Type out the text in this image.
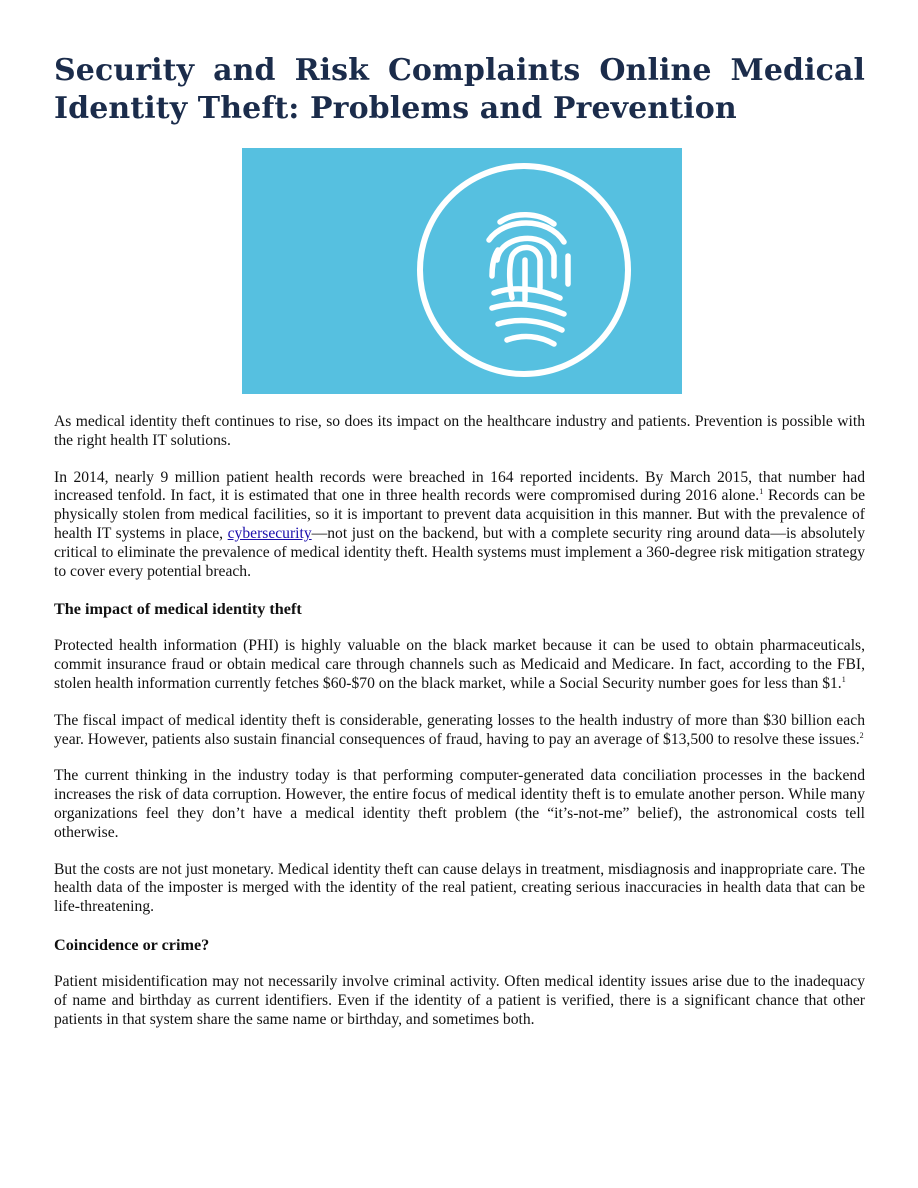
Security and Risk Complaints Online Medical Identity Theft: Problems and Prevention

As medical identity theft continues to rise, so does its impact on the healthcare industry and patients. Prevention is possible with the right health IT solutions.

In 2014, nearly 9 million patient health records were breached in 164 reported incidents. By March 2015, that number had increased tenfold. In fact, it is estimated that one in three health records were compromised during 2016 alone.$^1$ Records can be physically stolen from medical facilities, so it is important to prevent data acquisition in this manner. But with the prevalence of health IT systems in place, cybersecurity—not just on the backend, but with a complete security ring around data—is absolutely critical to eliminate the prevalence of medical identity theft. Health systems must implement a 360-degree risk mitigation strategy to cover every potential breach.

The impact of medical identity theft

Protected health information (PHI) is highly valuable on the black market because it can be used to obtain pharmaceuticals, commit insurance fraud or obtain medical care through channels such as Medicaid and Medicare. In fact, according to the FBI, stolen health information currently fetches $60-$70 on the black market, while a Social Security number goes for less than $1.$^1$

The fiscal impact of medical identity theft is considerable, generating losses to the health industry of more than $30 billion each year. However, patients also sustain financial consequences of fraud, having to pay an average of $13,500 to resolve these issues.$^2$

The current thinking in the industry today is that performing computer-generated data conciliation processes in the backend increases the risk of data corruption. However, the entire focus of medical identity theft is to emulate another person. While many organizations feel they don’t have a medical identity theft problem (the “it’s-not-me” belief), the astronomical costs tell otherwise.

But the costs are not just monetary. Medical identity theft can cause delays in treatment, misdiagnosis and inappropriate care. The health data of the imposter is merged with the identity of the real patient, creating serious inaccuracies in health data that can be life-threatening.

Coincidence or crime?

Patient misidentification may not necessarily involve criminal activity. Often medical identity issues arise due to the inadequacy of name and birthday as current identifiers. Even if the identity of a patient is verified, there is a significant chance that other patients in that system share the same name or birthday, and sometimes both.
